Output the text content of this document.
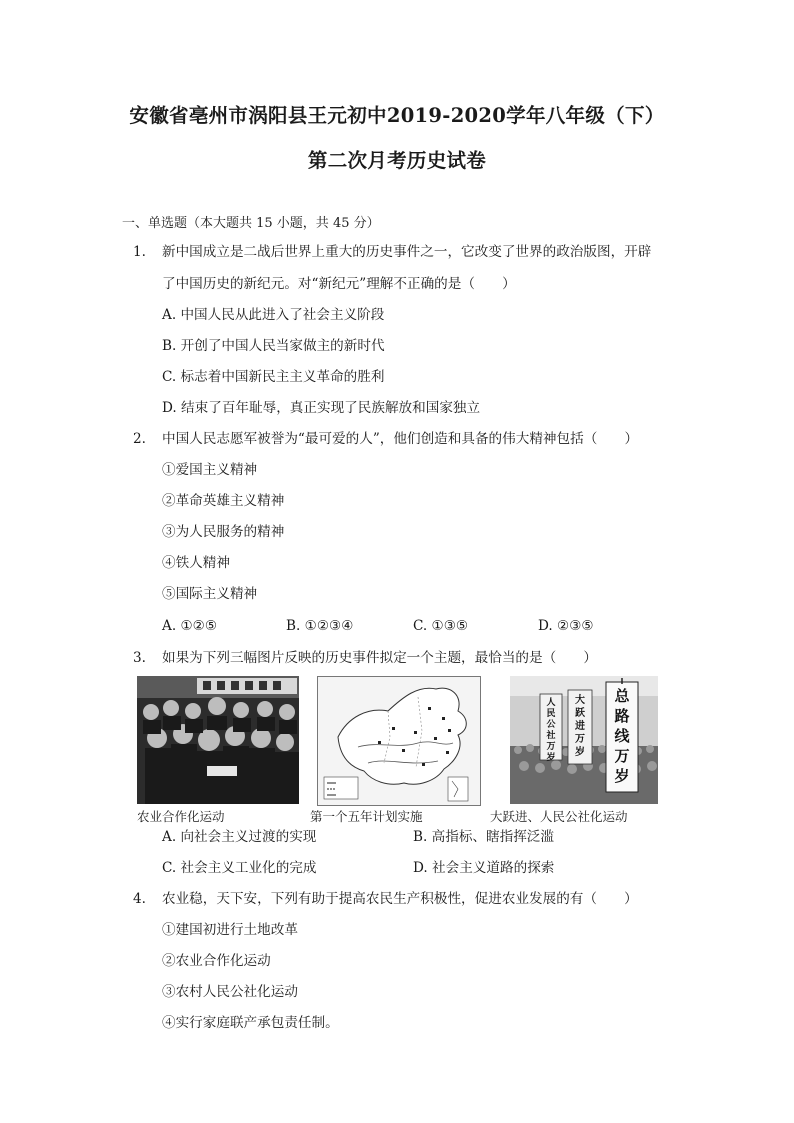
安徽省亳州市涡阳县王元初中2019-2020学年八年级（下）
第二次月考历史试卷
一、单选题（本大题共 15 小题，共 45 分）
1. 新中国成立是二战后世界上重大的历史事件之一，它改变了世界的政治版图，开辟
了中国历史的新纪元。对“新纪元”理解不正确的是（　　）
A. 中国人民从此进入了社会主义阶段
B. 开创了中国人民当家做主的新时代
C. 标志着中国新民主主义革命的胜利
D. 结束了百年耻辱，真正实现了民族解放和国家独立
2. 中国人民志愿军被誉为“最可爱的人”，他们创造和具备的伟大精神包括（　　）
①爱国主义精神
②革命英雄主义精神
③为人民服务的精神
④铁人精神
⑤国际主义精神
A. ①②⑤	B. ①②③④	C. ①③⑤	D. ②③⑤
3. 如果为下列三幅图片反映的历史事件拟定一个主题，最恰当的是（　　）
人民公社万岁
大跃进万岁
总路线万岁
农业合作化运动	第一个五年计划实施	大跃进、人民公社化运动
A. 向社会主义过渡的实现	B. 高指标、瞎指挥泛滥
C. 社会主义工业化的完成	D. 社会主义道路的探索
4. 农业稳，天下安，下列有助于提高农民生产积极性，促进农业发展的有（　　）
①建国初进行土地改革
②农业合作化运动
③农村人民公社化运动
④实行家庭联产承包责任制。
